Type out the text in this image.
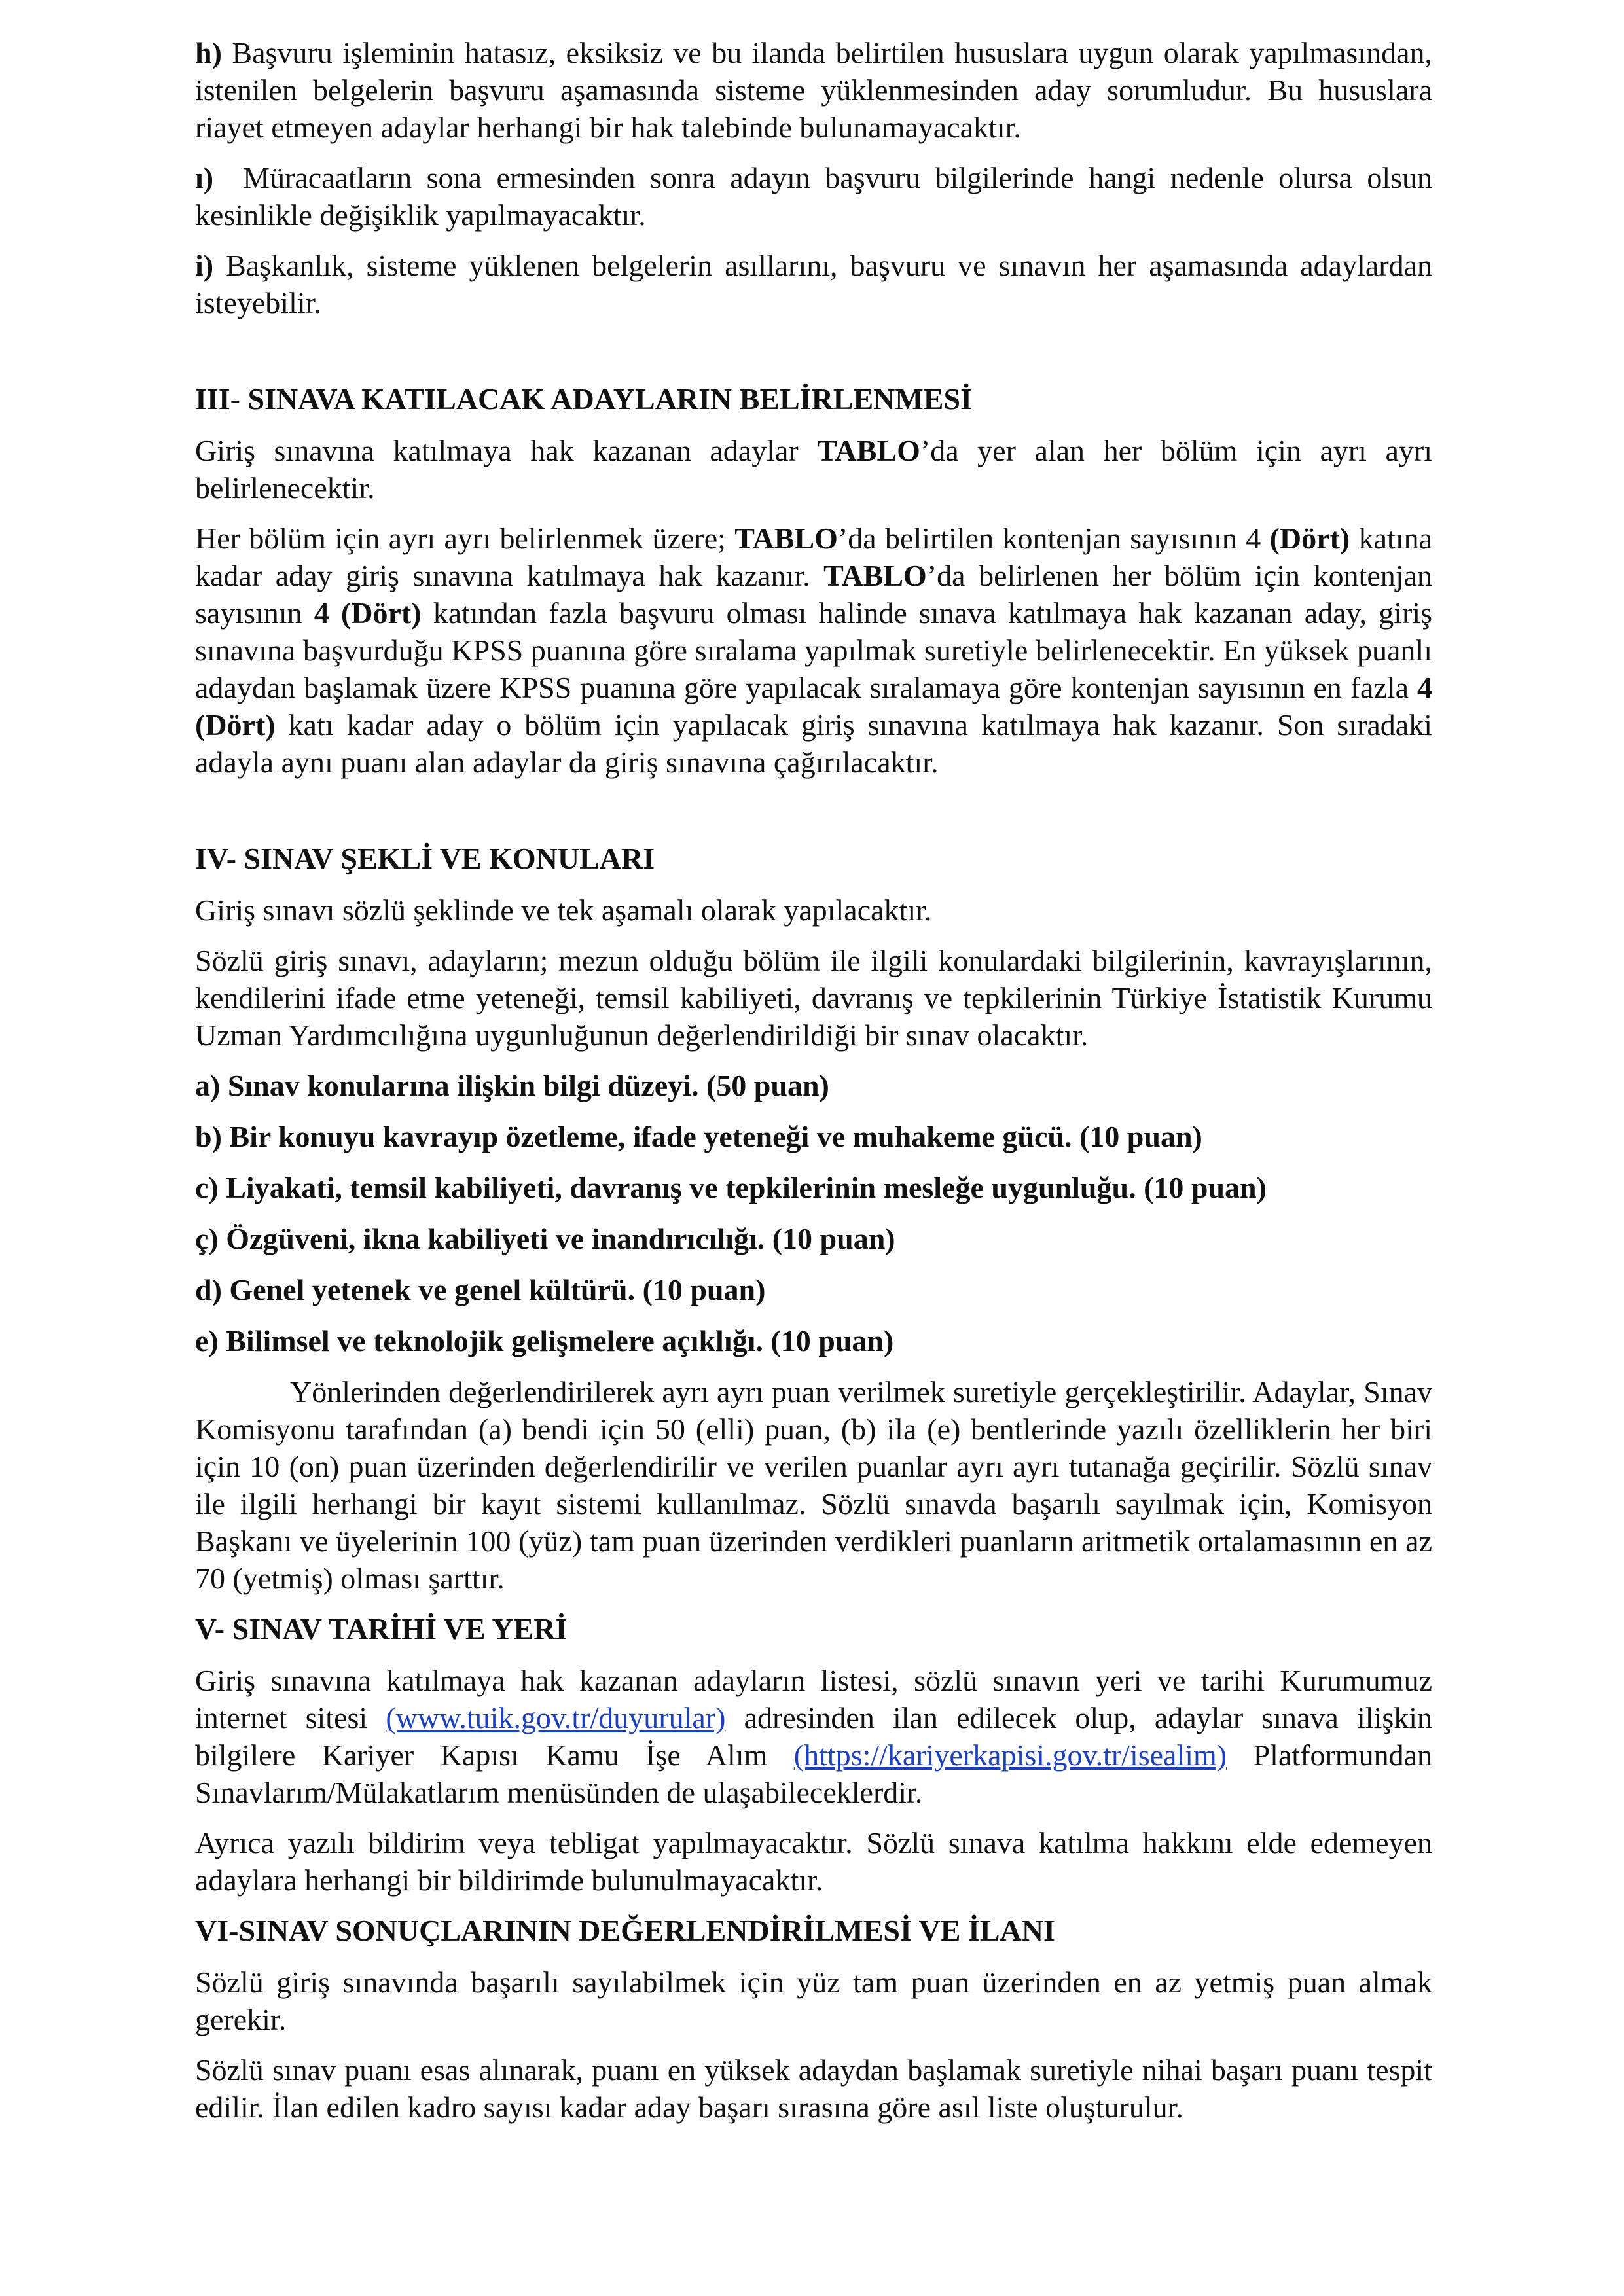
h) Başvuru işleminin hatasız, eksiksiz ve bu ilanda belirtilen hususlara uygun olarak yapılmasından, istenilen belgelerin başvuru aşamasında sisteme yüklenmesinden aday sorumludur. Bu hususlara riayet etmeyen adaylar herhangi bir hak talebinde bulunamayacaktır.

ı) Müracaatların sona ermesinden sonra adayın başvuru bilgilerinde hangi nedenle olursa olsun kesinlikle değişiklik yapılmayacaktır.

i) Başkanlık, sisteme yüklenen belgelerin asıllarını, başvuru ve sınavın her aşamasında adaylardan isteyebilir.

III- SINAVA KATILACAK ADAYLARIN BELİRLENMESİ

Giriş sınavına katılmaya hak kazanan adaylar TABLO’da yer alan her bölüm için ayrı ayrı belirlenecektir.

Her bölüm için ayrı ayrı belirlenmek üzere; TABLO’da belirtilen kontenjan sayısının 4 (Dört) katına kadar aday giriş sınavına katılmaya hak kazanır. TABLO’da belirlenen her bölüm için kontenjan sayısının 4 (Dört) katından fazla başvuru olması halinde sınava katılmaya hak kazanan aday, giriş sınavına başvurduğu KPSS puanına göre sıralama yapılmak suretiyle belirlenecektir. En yüksek puanlı adaydan başlamak üzere KPSS puanına göre yapılacak sıralamaya göre kontenjan sayısının en fazla 4 (Dört) katı kadar aday o bölüm için yapılacak giriş sınavına katılmaya hak kazanır. Son sıradaki adayla aynı puanı alan adaylar da giriş sınavına çağırılacaktır.

IV- SINAV ŞEKLİ VE KONULARI

Giriş sınavı sözlü şeklinde ve tek aşamalı olarak yapılacaktır.

Sözlü giriş sınavı, adayların; mezun olduğu bölüm ile ilgili konulardaki bilgilerinin, kavrayışlarının, kendilerini ifade etme yeteneği, temsil kabiliyeti, davranış ve tepkilerinin Türkiye İstatistik Kurumu Uzman Yardımcılığına uygunluğunun değerlendirildiği bir sınav olacaktır.

a) Sınav konularına ilişkin bilgi düzeyi. (50 puan)

b) Bir konuyu kavrayıp özetleme, ifade yeteneği ve muhakeme gücü. (10 puan)

c) Liyakati, temsil kabiliyeti, davranış ve tepkilerinin mesleğe uygunluğu. (10 puan)

ç) Özgüveni, ikna kabiliyeti ve inandırıcılığı. (10 puan)

d) Genel yetenek ve genel kültürü. (10 puan)

e) Bilimsel ve teknolojik gelişmelere açıklığı. (10 puan)

Yönlerinden değerlendirilerek ayrı ayrı puan verilmek suretiyle gerçekleştirilir. Adaylar, Sınav Komisyonu tarafından (a) bendi için 50 (elli) puan, (b) ila (e) bentlerinde yazılı özelliklerin her biri için 10 (on) puan üzerinden değerlendirilir ve verilen puanlar ayrı ayrı tutanağa geçirilir. Sözlü sınav ile ilgili herhangi bir kayıt sistemi kullanılmaz. Sözlü sınavda başarılı sayılmak için, Komisyon Başkanı ve üyelerinin 100 (yüz) tam puan üzerinden verdikleri puanların aritmetik ortalamasının en az 70 (yetmiş) olması şarttır.

V- SINAV TARİHİ VE YERİ

Giriş sınavına katılmaya hak kazanan adayların listesi, sözlü sınavın yeri ve tarihi Kurumumuz internet sitesi (www.tuik.gov.tr/duyurular) adresinden ilan edilecek olup, adaylar sınava ilişkin bilgilere Kariyer Kapısı Kamu İşe Alım (https://kariyerkapisi.gov.tr/isealim) Platformundan Sınavlarım/Mülakatlarım menüsünden de ulaşabileceklerdir.

Ayrıca yazılı bildirim veya tebligat yapılmayacaktır. Sözlü sınava katılma hakkını elde edemeyen adaylara herhangi bir bildirimde bulunulmayacaktır.

VI-SINAV SONUÇLARININ DEĞERLENDİRİLMESİ VE İLANI

Sözlü giriş sınavında başarılı sayılabilmek için yüz tam puan üzerinden en az yetmiş puan almak gerekir.

Sözlü sınav puanı esas alınarak, puanı en yüksek adaydan başlamak suretiyle nihai başarı puanı tespit edilir. İlan edilen kadro sayısı kadar aday başarı sırasına göre asıl liste oluşturulur.
